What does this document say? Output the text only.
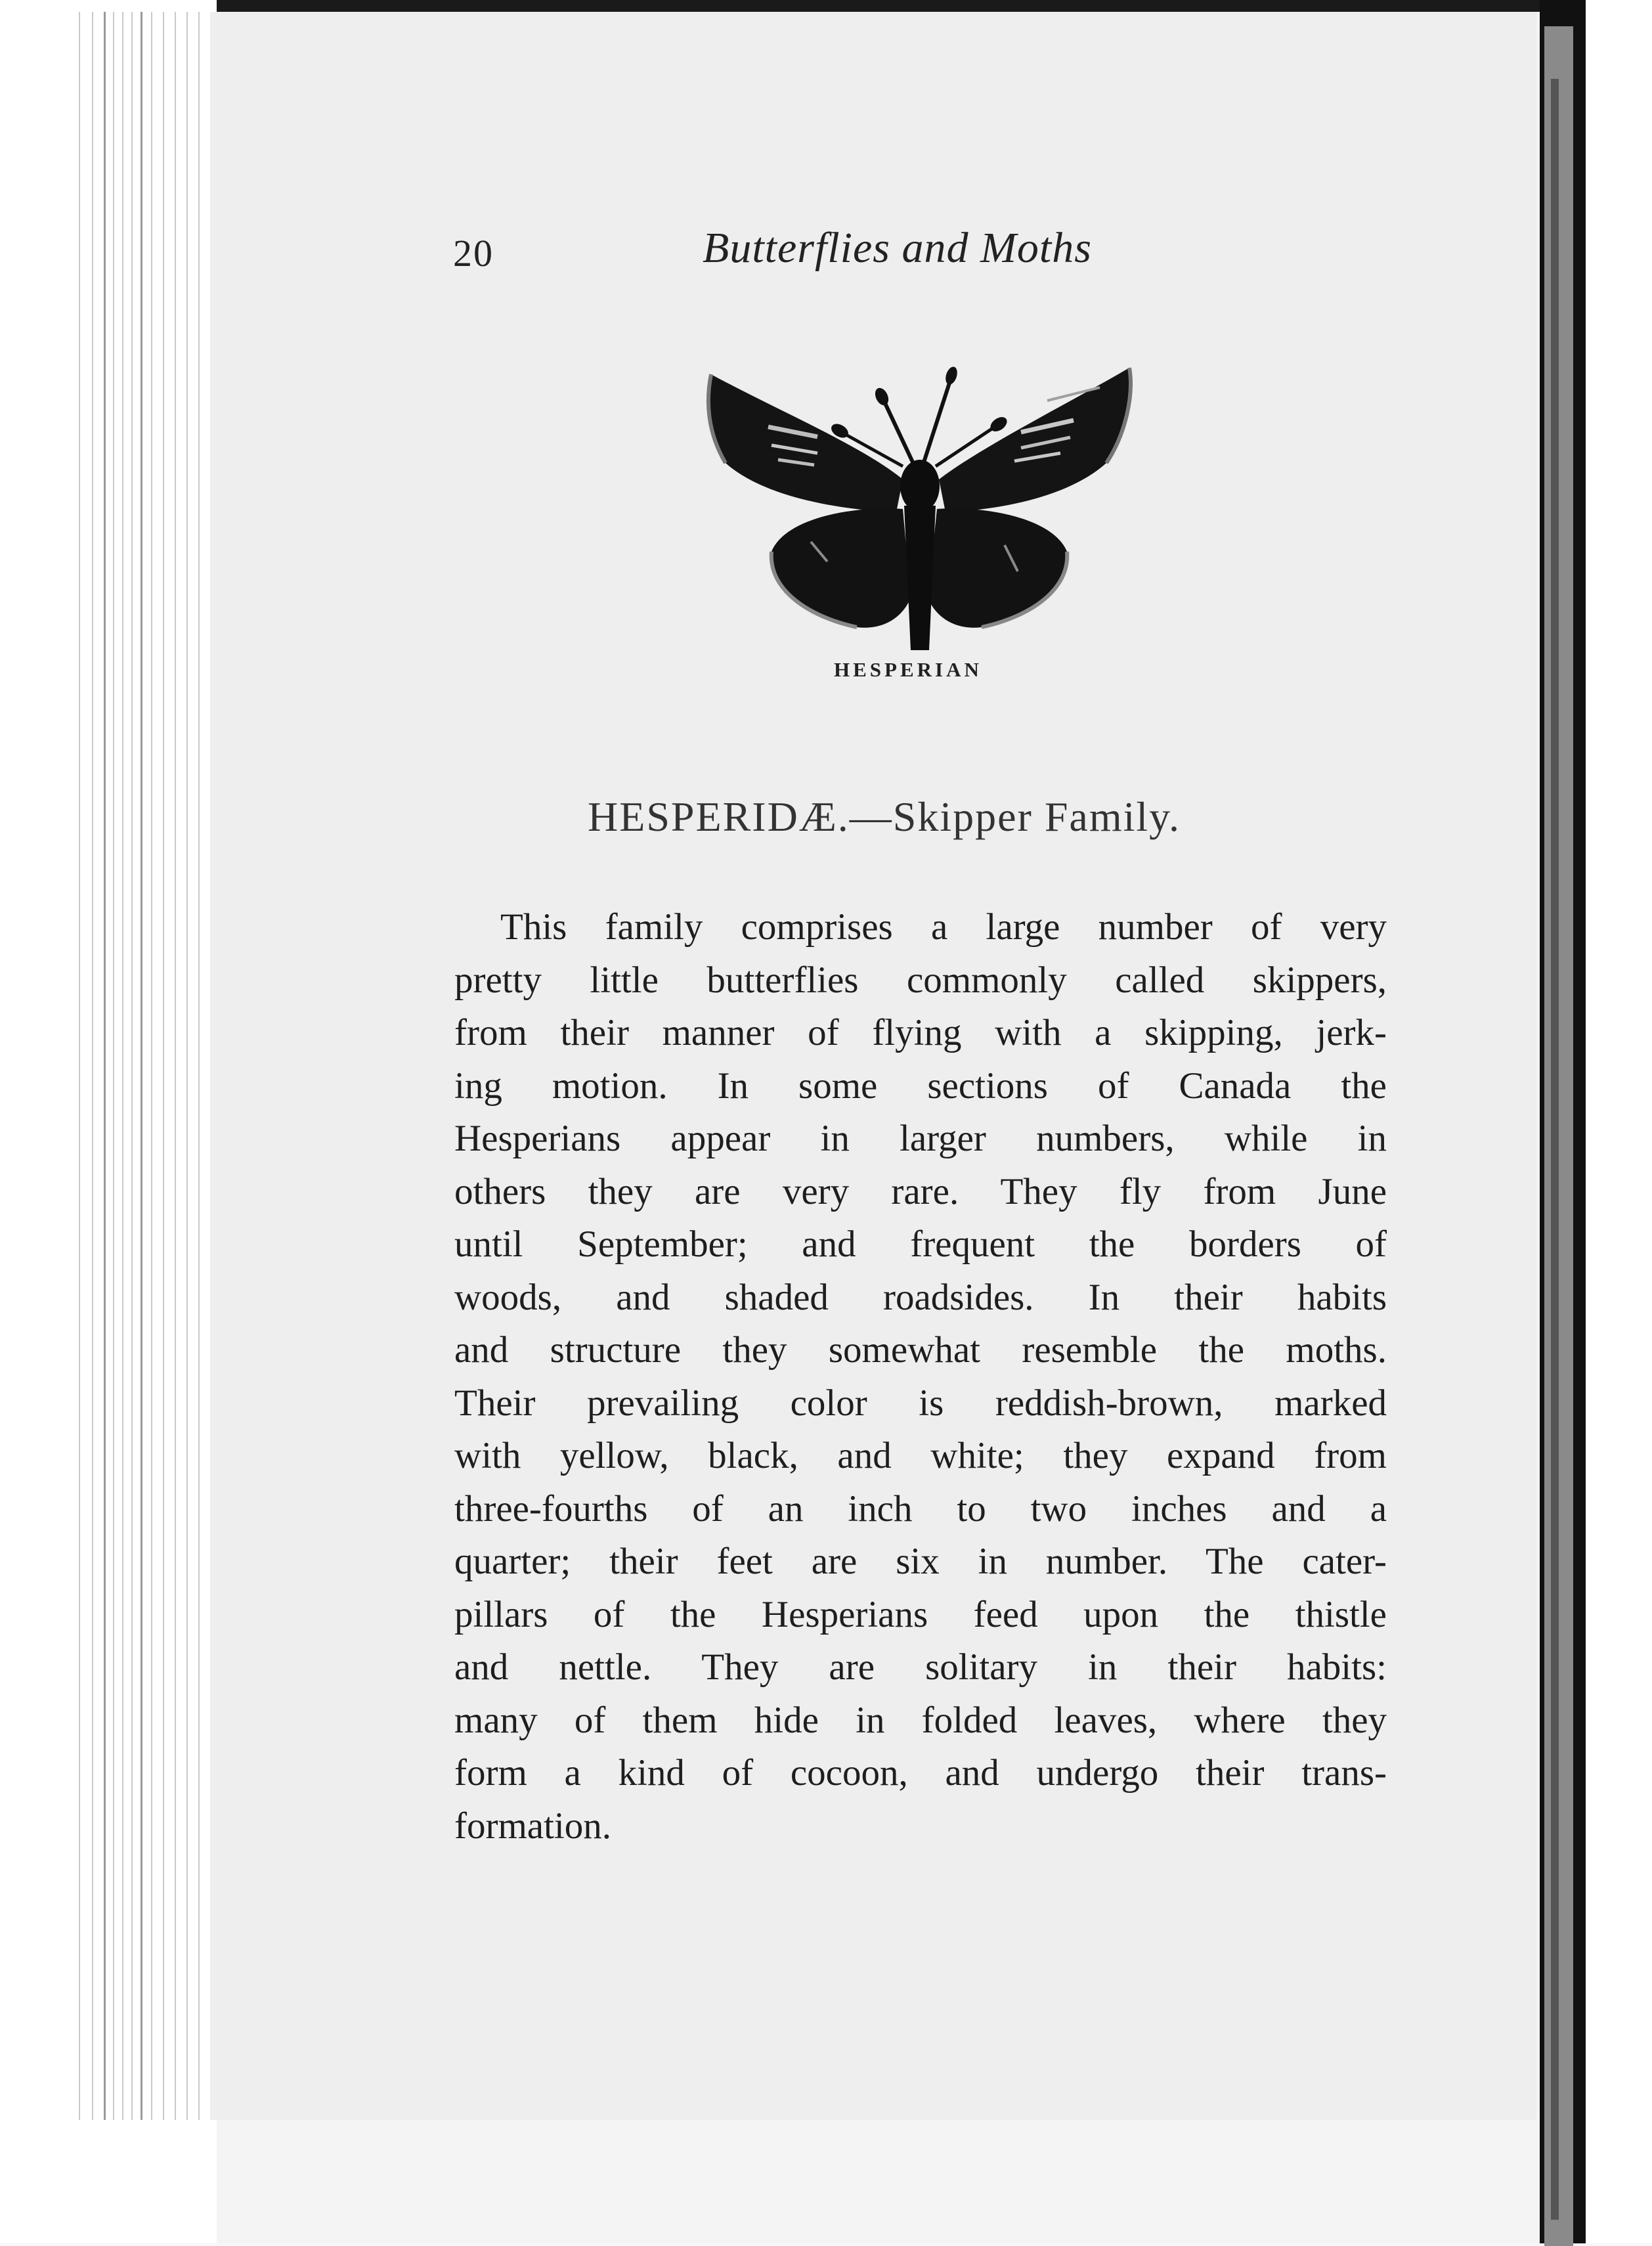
20	Butterflies and Moths
HESPERIAN
HESPERIDÆ.—Skipper Family.
This family comprises a large number of very
pretty little butterflies commonly called skippers,
from their manner of flying with a skipping, jerk-
ing motion. In some sections of Canada the
Hesperians appear in larger numbers, while in
others they are very rare. They fly from June
until September; and frequent the borders of
woods, and shaded roadsides. In their habits
and structure they somewhat resemble the moths.
Their prevailing color is reddish-brown, marked
with yellow, black, and white; they expand from
three-fourths of an inch to two inches and a
quarter; their feet are six in number. The cater-
pillars of the Hesperians feed upon the thistle
and nettle. They are solitary in their habits:
many of them hide in folded leaves, where they
form a kind of cocoon, and undergo their trans-
formation.
